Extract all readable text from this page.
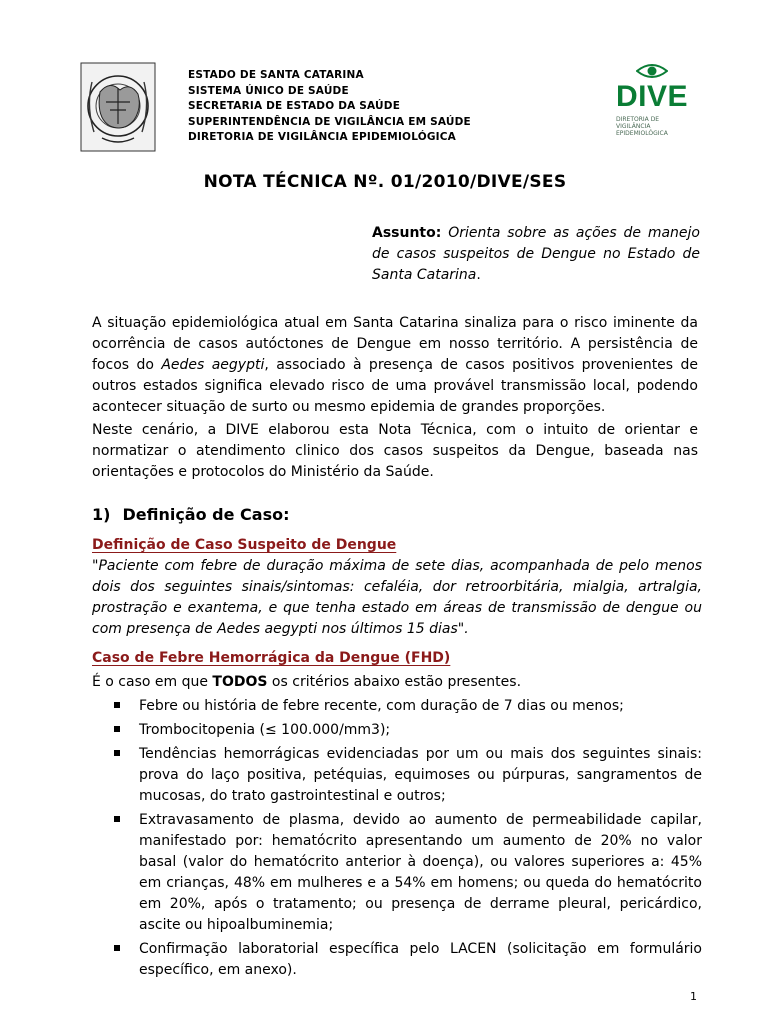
ESTADO DE SANTA CATARINA
SISTEMA ÚNICO DE SAÚDE
SECRETARIA DE ESTADO DA SAÚDE
SUPERINTENDÊNCIA DE VIGILÂNCIA EM SAÚDE
DIRETORIA DE VIGILÂNCIA EPIDEMIOLÓGICA
DIVE
DIRETORIA DE VIGILÂNCIA EPIDEMIOLÓGICA
NOTA TÉCNICA Nº. 01/2010/DIVE/SES
Assunto: Orienta sobre as ações de manejo de casos suspeitos de Dengue no Estado de Santa Catarina.
A situação epidemiológica atual em Santa Catarina sinaliza para o risco iminente da ocorrência de casos autóctones de Dengue em nosso território. A persistência de focos do Aedes aegypti, associado à presença de casos positivos provenientes de outros estados significa elevado risco de uma provável transmissão local, podendo acontecer situação de surto ou mesmo epidemia de grandes proporções.
Neste cenário, a DIVE elaborou esta Nota Técnica, com o intuito de orientar e normatizar o atendimento clinico dos casos suspeitos da Dengue, baseada nas orientações e protocolos do Ministério da Saúde.
1) Definição de Caso:
Definição de Caso Suspeito de Dengue
"Paciente com febre de duração máxima de sete dias, acompanhada de pelo menos dois dos seguintes sinais/sintomas: cefaléia, dor retroorbitária, mialgia, artralgia, prostração e exantema, e que tenha estado em áreas de transmissão de dengue ou com presença de Aedes aegypti nos últimos 15 dias".
Caso de Febre Hemorrágica da Dengue (FHD)
É o caso em que TODOS os critérios abaixo estão presentes.
Febre ou história de febre recente, com duração de 7 dias ou menos;
Trombocitopenia (≤ 100.000/mm3);
Tendências hemorrágicas evidenciadas por um ou mais dos seguintes sinais: prova do laço positiva, petéquias, equimoses ou púrpuras, sangramentos de mucosas, do trato gastrointestinal e outros;
Extravasamento de plasma, devido ao aumento de permeabilidade capilar, manifestado por: hematócrito apresentando um aumento de 20% no valor basal (valor do hematócrito anterior à doença), ou valores superiores a: 45% em crianças, 48% em mulheres e a 54% em homens; ou queda do hematócrito em 20%, após o tratamento; ou presença de derrame pleural, pericárdico, ascite ou hipoalbuminemia;
Confirmação laboratorial específica pelo LACEN (solicitação em formulário específico, em anexo).
1
